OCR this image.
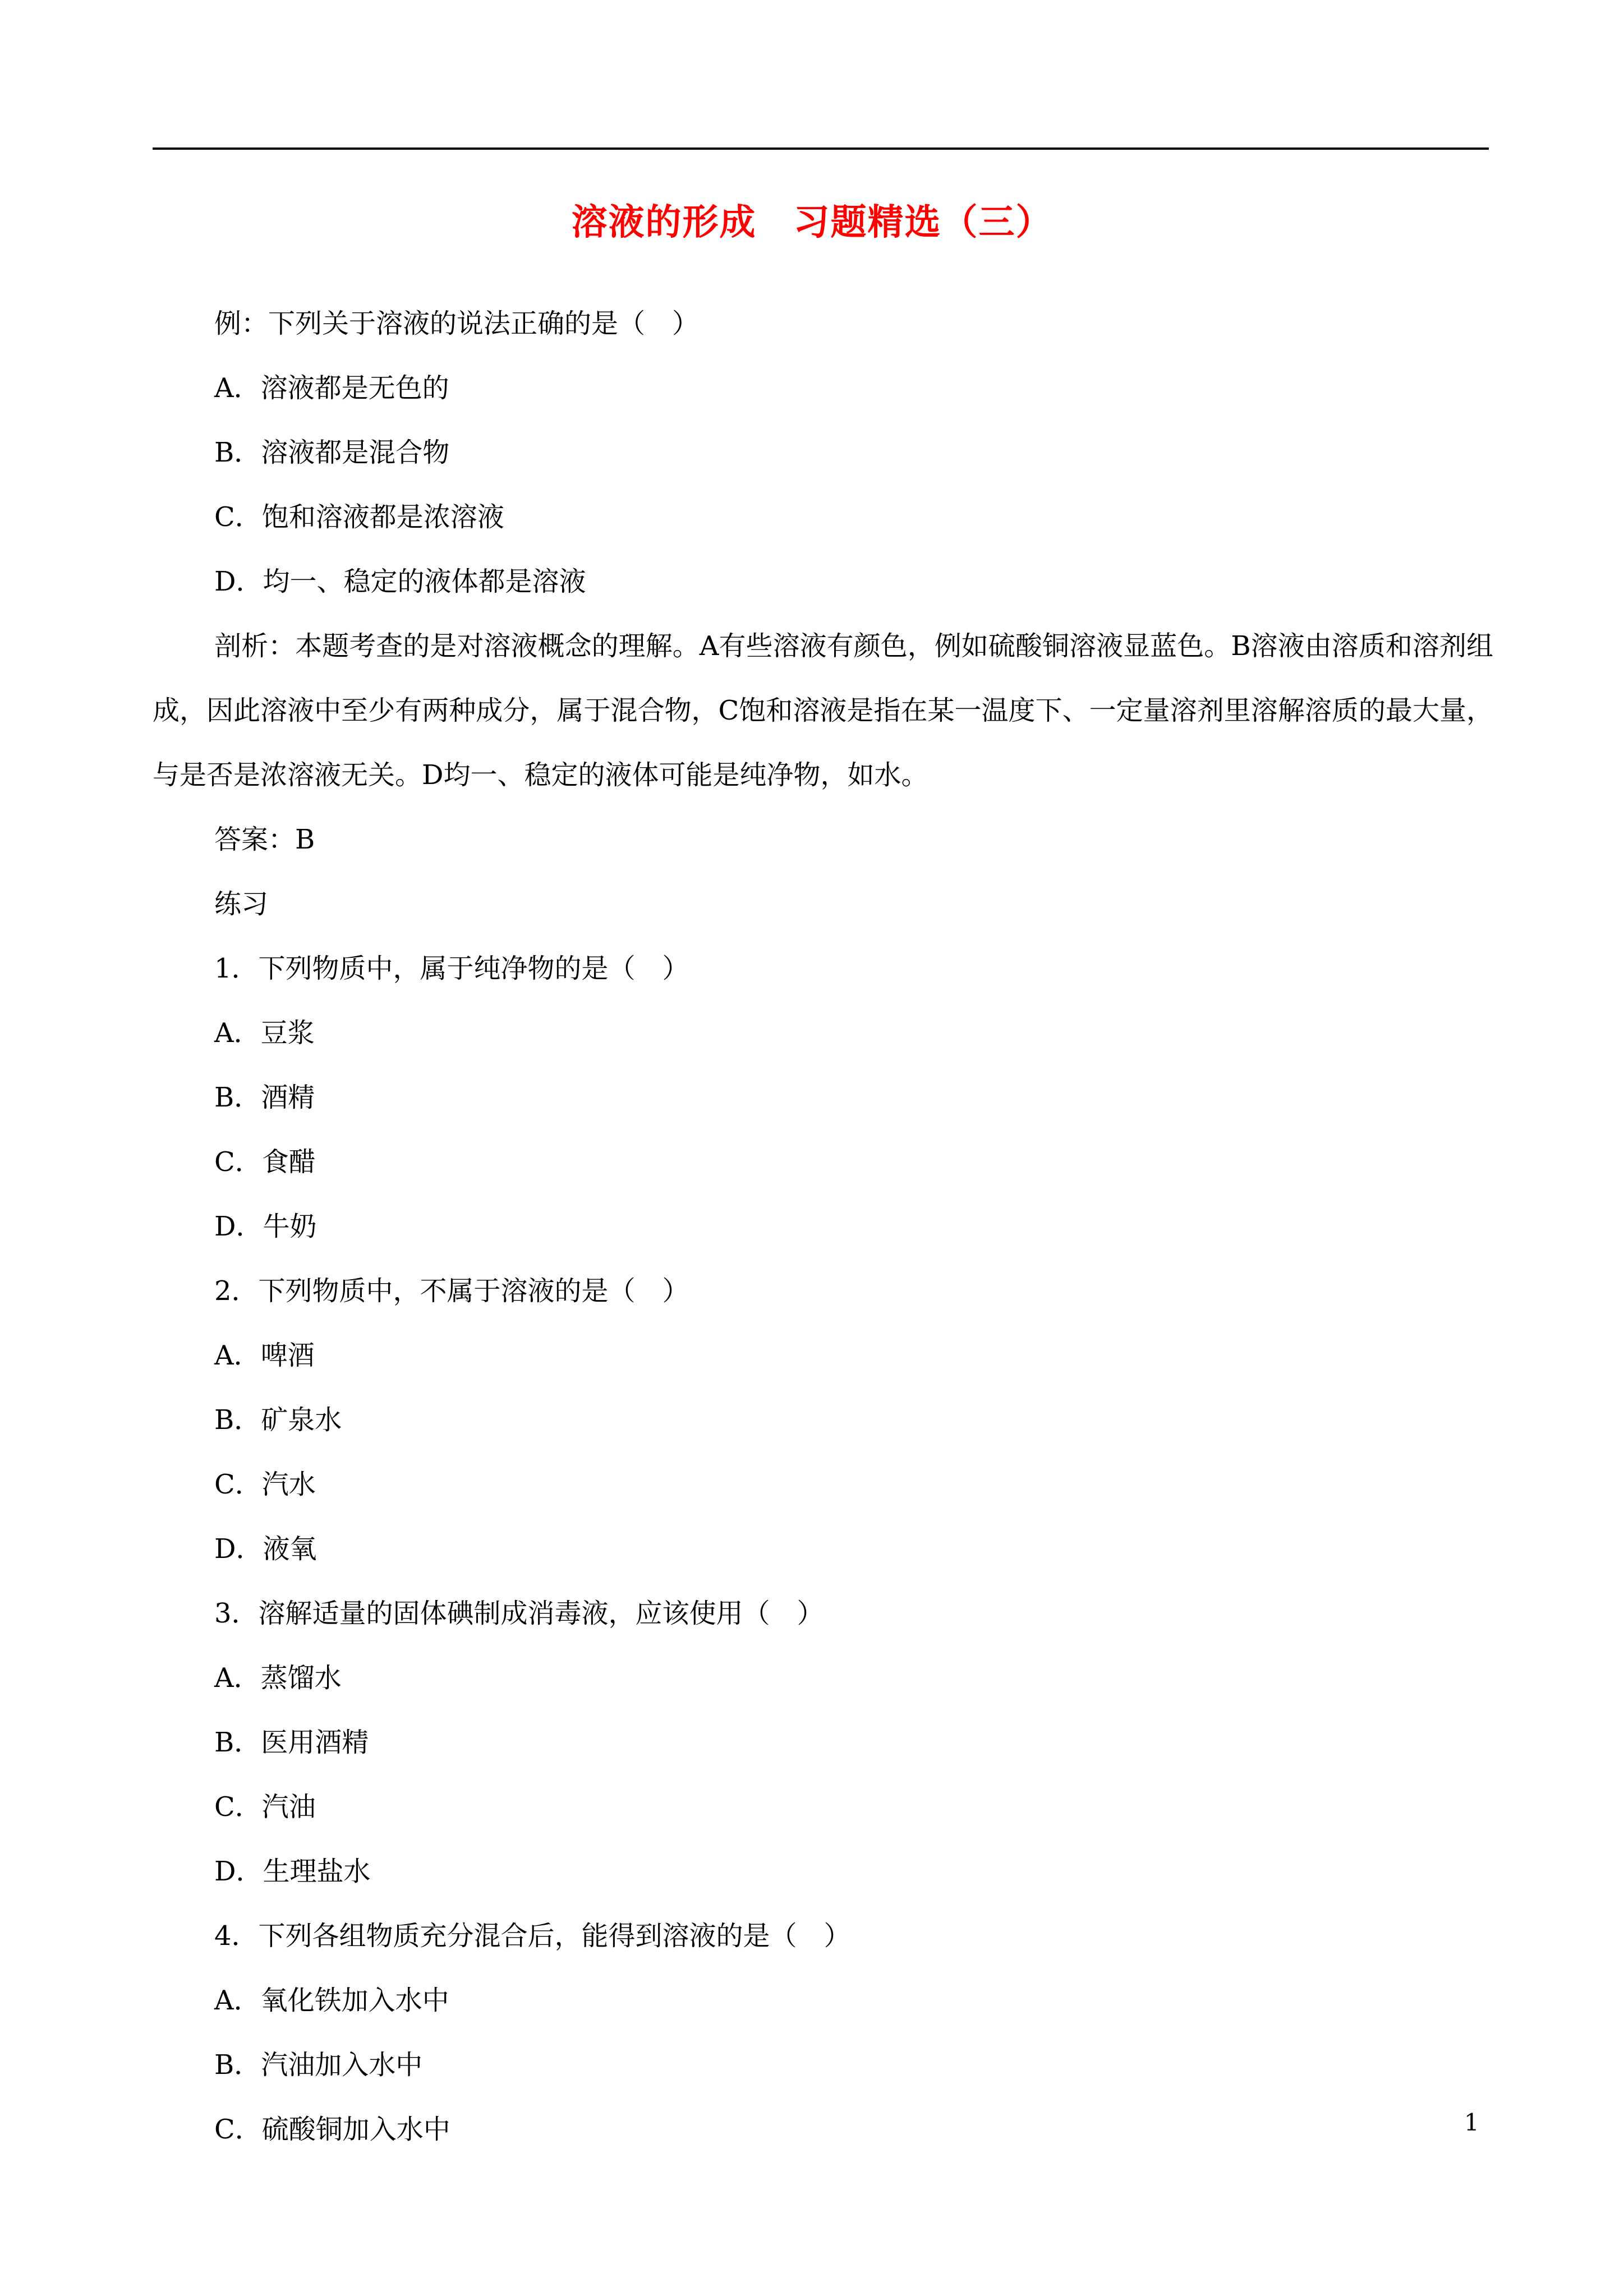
溶液的形成　习题精选（三）
例：下列关于溶液的说法正确的是（　）
A．溶液都是无色的
B．溶液都是混合物
C．饱和溶液都是浓溶液
D．均一、稳定的液体都是溶液
剖析：本题考查的是对溶液概念的理解。A有些溶液有颜色，例如硫酸铜溶液显蓝色。B溶液由溶质和溶剂组成，因此溶液中至少有两种成分，属于混合物，C饱和溶液是指在某一温度下、一定量溶剂里溶解溶质的最大量，与是否是浓溶液无关。D均一、稳定的液体可能是纯净物，如水。
答案：B
练习
1．下列物质中，属于纯净物的是（　）
A．豆浆
B．酒精
C．食醋
D．牛奶
2．下列物质中，不属于溶液的是（　）
A．啤酒
B．矿泉水
C．汽水
D．液氧
3．溶解适量的固体碘制成消毒液，应该使用（　）
A．蒸馏水
B．医用酒精
C．汽油
D．生理盐水
4．下列各组物质充分混合后，能得到溶液的是（　）
A．氧化铁加入水中
B．汽油加入水中
C．硫酸铜加入水中	1
